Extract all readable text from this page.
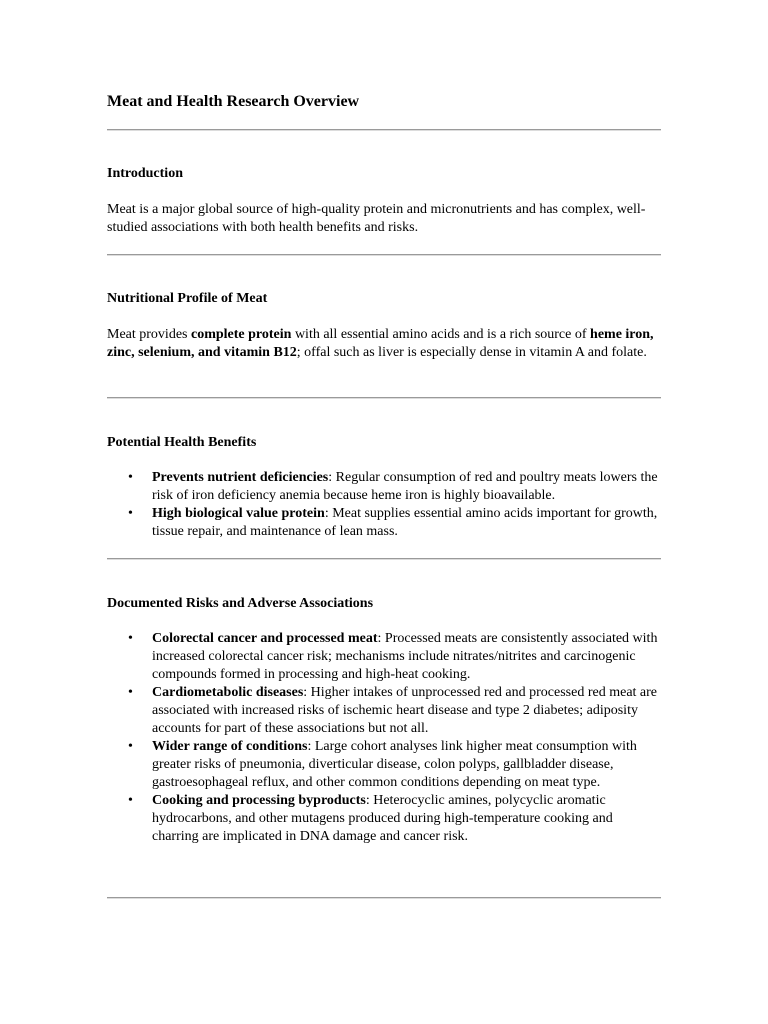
Meat and Health Research Overview
Introduction

Meat is a major global source of high-quality protein and micronutrients and has complex, well-studied associations with both health benefits and risks.

Nutritional Profile of Meat

Meat provides complete protein with all essential amino acids and is a rich source of heme iron, zinc, selenium, and vitamin B12; offal such as liver is especially dense in vitamin A and folate.

Potential Health Benefits
• Prevents nutrient deficiencies: Regular consumption of red and poultry meats lowers the risk of iron deficiency anemia because heme iron is highly bioavailable.
• High biological value protein: Meat supplies essential amino acids important for growth, tissue repair, and maintenance of lean mass.
Documented Risks and Adverse Associations
• Colorectal cancer and processed meat: Processed meats are consistently associated with increased colorectal cancer risk; mechanisms include nitrates/nitrites and carcinogenic compounds formed in processing and high-heat cooking.
• Cardiometabolic diseases: Higher intakes of unprocessed red and processed red meat are associated with increased risks of ischemic heart disease and type 2 diabetes; adiposity accounts for part of these associations but not all.
• Wider range of conditions: Large cohort analyses link higher meat consumption with greater risks of pneumonia, diverticular disease, colon polyps, gallbladder disease, gastroesophageal reflux, and other common conditions depending on meat type.
• Cooking and processing byproducts: Heterocyclic amines, polycyclic aromatic hydrocarbons, and other mutagens produced during high-temperature cooking and charring are implicated in DNA damage and cancer risk.
